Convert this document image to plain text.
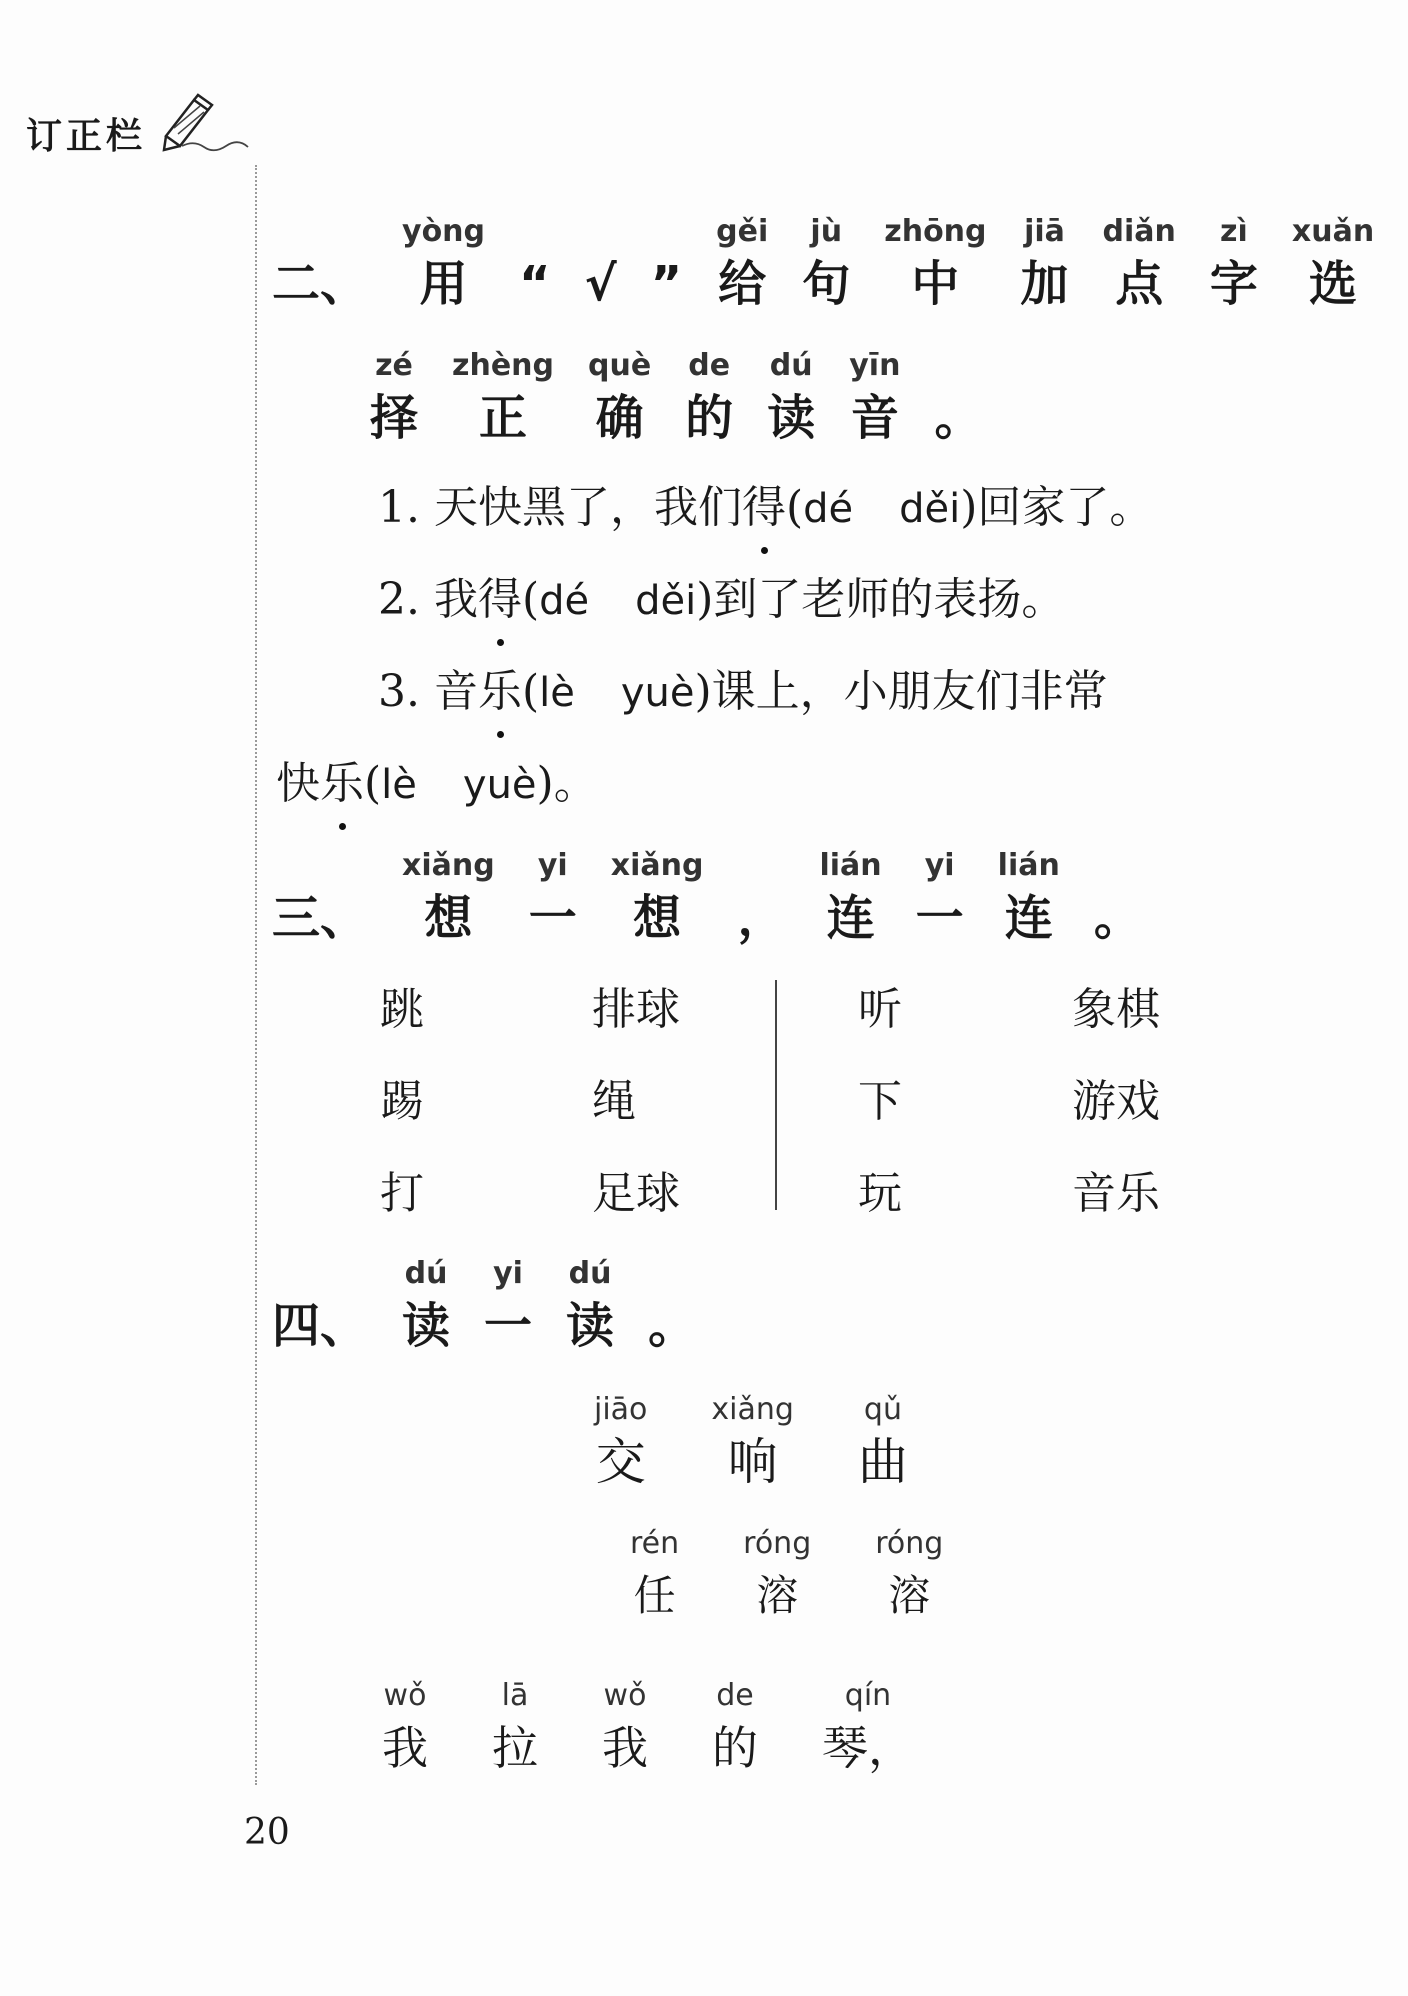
订正栏
二、
yòng
用	“ √ ”
gěi
给
jù
句
zhōng
中
jiā
加
diǎn
点
zì
字
xuǎn
选
zé
择
zhèng
正
què
确
de
的
dú
读
yīn
音 。
1. 天快黑了，我们得(dé děi)回家了。
2. 我得(dé děi)到了老师的表扬。
3. 音乐(lè yuè)课上，小朋友们非常
快乐(lè yuè)。
三、
xiǎng
想
yi
一
xiǎng
想	，
lián
连
yi
一
lián
连 。
跳
踢
打
排球
绳
足球
听
下
玩
象棋
游戏
音乐
四、
dú
读
yi
一
dú
读 。
jiāo
交
xiǎng
响
qǔ
曲
rén
任
róng
溶
róng
溶
wǒ
我
lā
拉
wǒ
我
de
的
qín
琴，
20
